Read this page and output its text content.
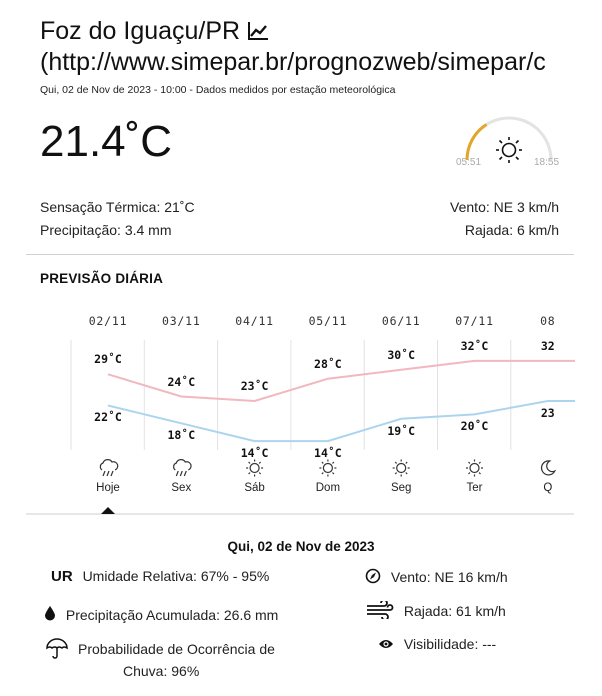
Foz do Iguaçu/PR
(http://www.simepar.br/prognozweb/simepar/c
Qui, 02 de Nov de 2023 - 10:00 - Dados medidos por estação meteorológica
21.4˚C	05:51	18:55
Sensação Térmica: 21˚C
Precipitação: 3.4 mm
Vento: NE 3 km/h
Rajada: 6 km/h
PREVISÃO DIÁRIA
02/11
29˚C
22˚C
Hoje
03/11
24˚C
18˚C
Sex
04/11
23˚C
14˚C
Sáb
05/11
28˚C
14˚C
Dom
06/11
30˚C
19˚C
Seg
07/11
32˚C
20˚C
Ter
08
32
23
Q
Qui, 02 de Nov de 2023
UR Umidade Relativa: 67% - 95%
Precipitação Acumulada: 26.6 mm
Probabilidade de Ocorrência de
Chuva: 96%
Vento: NE 16 km/h
Rajada: 61 km/h
Visibilidade: ---
